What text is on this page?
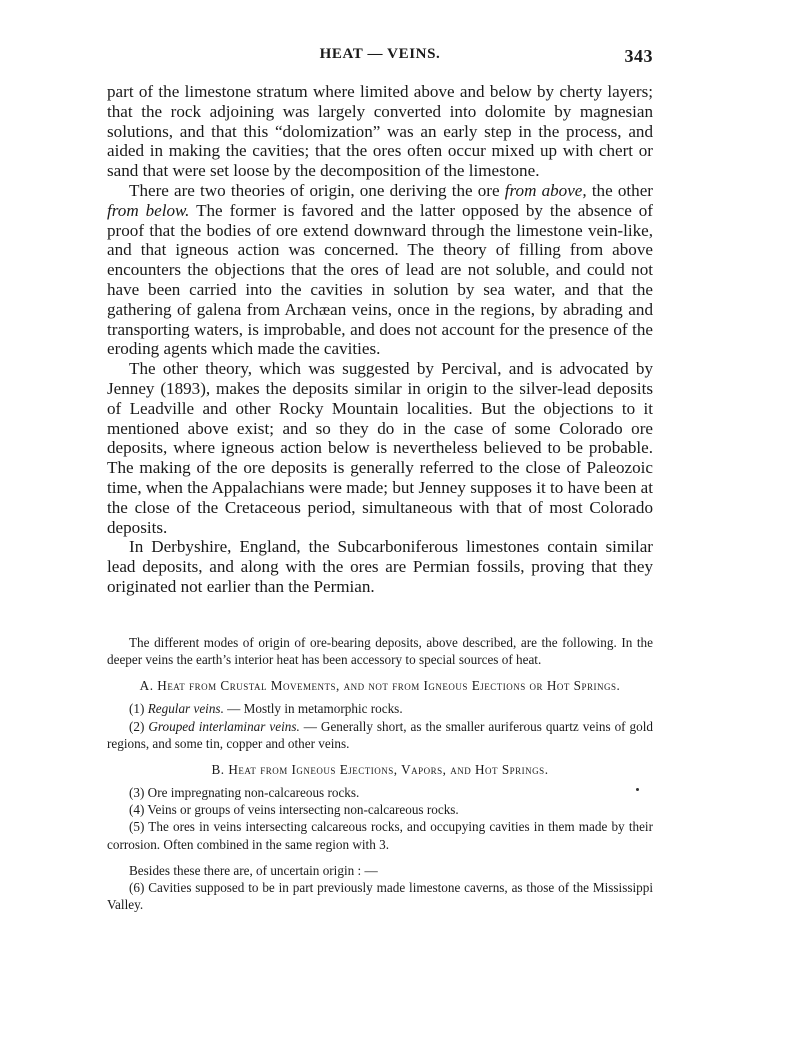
HEAT — VEINS.	343

part of the limestone stratum where limited above and below by cherty layers; that the rock adjoining was largely converted into dolomite by magnesian solutions, and that this “dolomization” was an early step in the process, and aided in making the cavities; that the ores often occur mixed up with chert or sand that were set loose by the decomposition of the limestone.

There are two theories of origin, one deriving the ore from above, the other from below. The former is favored and the latter opposed by the absence of proof that the bodies of ore extend downward through the limestone vein-like, and that igneous action was concerned. The theory of filling from above encounters the objections that the ores of lead are not soluble, and could not have been carried into the cavities in solution by sea water, and that the gathering of galena from Archæan veins, once in the regions, by abrading and transporting waters, is improbable, and does not account for the presence of the eroding agents which made the cavities.

The other theory, which was suggested by Percival, and is advocated by Jenney (1893), makes the deposits similar in origin to the silver-lead deposits of Leadville and other Rocky Mountain localities. But the objections to it mentioned above exist; and so they do in the case of some Colorado ore deposits, where igneous action below is nevertheless believed to be probable. The making of the ore deposits is generally referred to the close of Paleozoic time, when the Appalachians were made; but Jenney supposes it to have been at the close of the Cretaceous period, simultaneous with that of most Colorado deposits.

In Derbyshire, England, the Subcarboniferous limestones contain similar lead deposits, and along with the ores are Permian fossils, proving that they originated not earlier than the Permian.

The different modes of origin of ore-bearing deposits, above described, are the following. In the deeper veins the earth’s interior heat has been accessory to special sources of heat.

A. Heat from Crustal Movements, and not from Igneous Ejections or Hot Springs.

(1) Regular veins. — Mostly in metamorphic rocks.

(2) Grouped interlaminar veins. — Generally short, as the smaller auriferous quartz veins of gold regions, and some tin, copper and other veins.

B. Heat from Igneous Ejections, Vapors, and Hot Springs.

(3) Ore impregnating non-calcareous rocks.

(4) Veins or groups of veins intersecting non-calcareous rocks.

(5) The ores in veins intersecting calcareous rocks, and occupying cavities in them made by their corrosion. Often combined in the same region with 3.

Besides these there are, of uncertain origin : —

(6) Cavities supposed to be in part previously made limestone caverns, as those of the Mississippi Valley.
